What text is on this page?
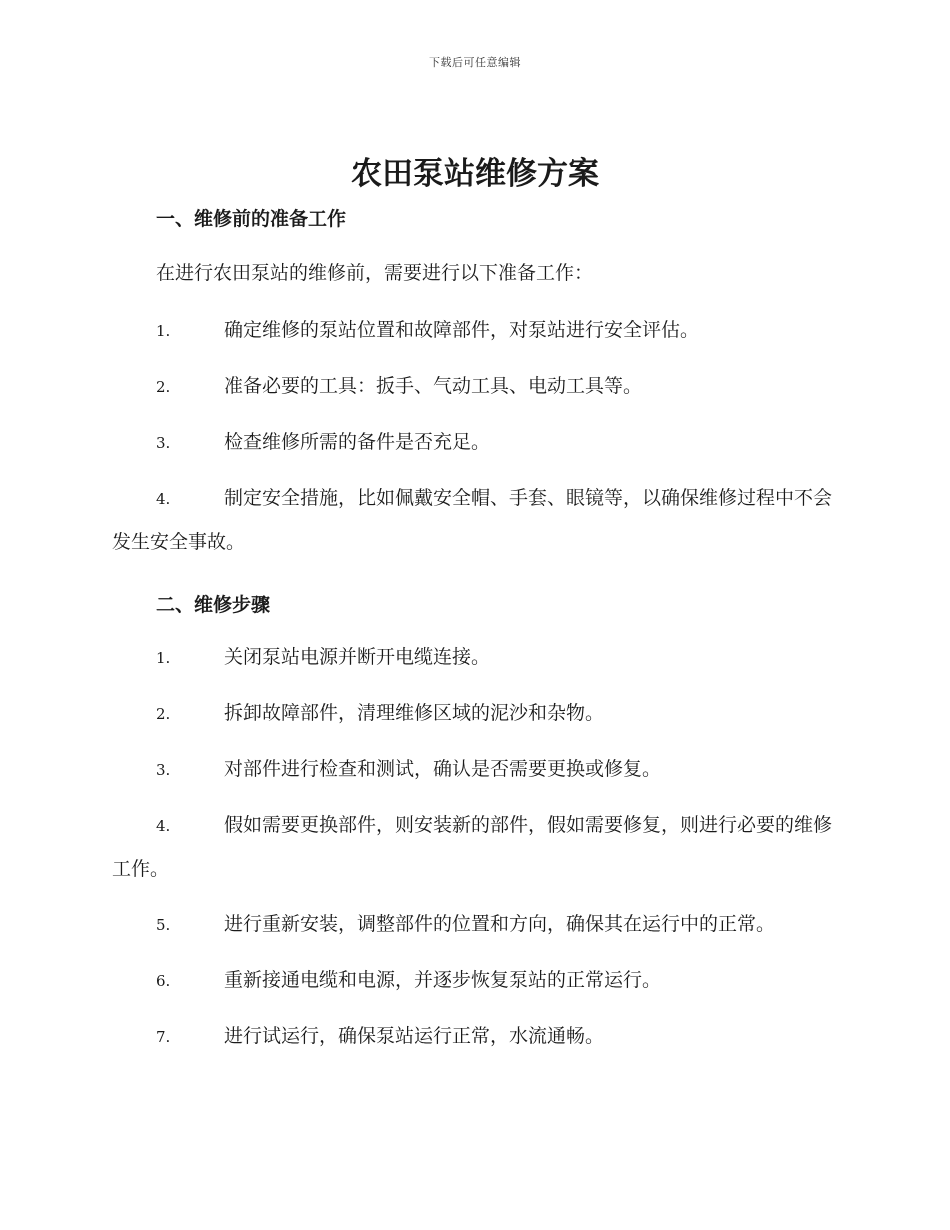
下载后可任意编辑
农田泵站维修方案
一、维修前的准备工作
在进行农田泵站的维修前，需要进行以下准备工作：
1.	确定维修的泵站位置和故障部件，对泵站进行安全评估。
2.	准备必要的工具：扳手、气动工具、电动工具等。
3.	检查维修所需的备件是否充足。
4.	制定安全措施，比如佩戴安全帽、手套、眼镜等，以确保维修过程中不会发生安全事故。
二、维修步骤
1.	关闭泵站电源并断开电缆连接。
2.	拆卸故障部件，清理维修区域的泥沙和杂物。
3.	对部件进行检查和测试，确认是否需要更换或修复。
4.	假如需要更换部件，则安装新的部件，假如需要修复，则进行必要的维修工作。
5.	进行重新安装，调整部件的位置和方向，确保其在运行中的正常。
6.	重新接通电缆和电源，并逐步恢复泵站的正常运行。
7.	进行试运行，确保泵站运行正常，水流通畅。
